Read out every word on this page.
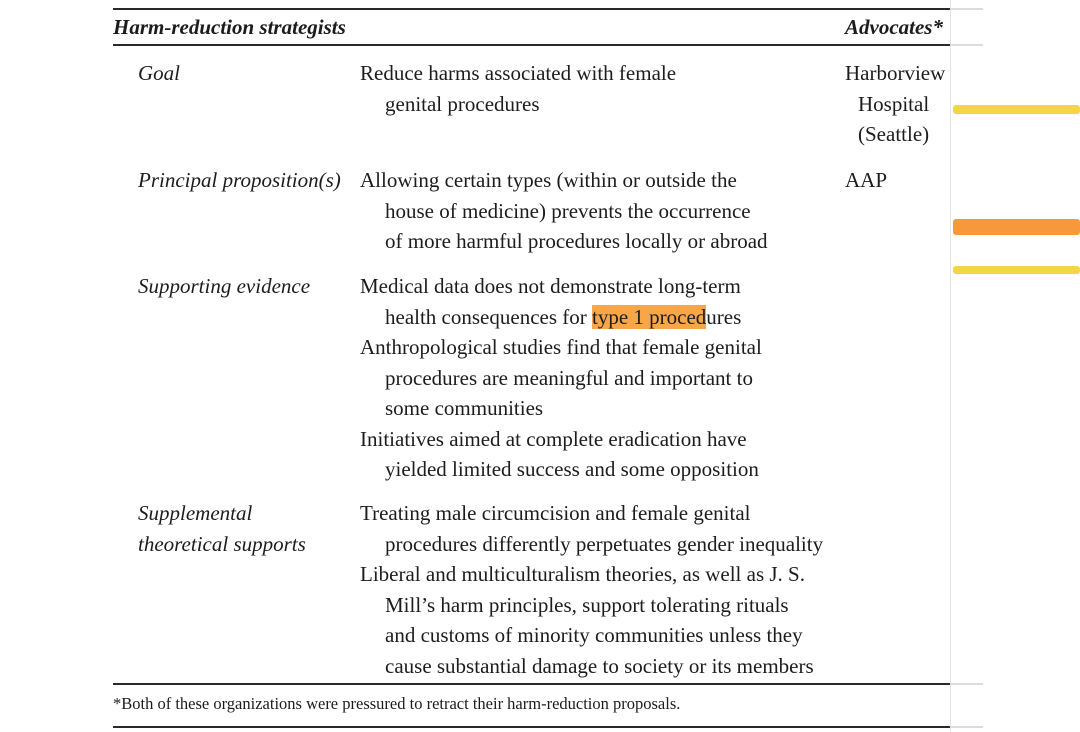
Harm-reduction strategists	Advocates*
Goal	Reduce harms associated with female
genital procedures

Harborview
Hospital
(Seattle)
Principal proposition(s) Allowing certain types (within or outside the
house of medicine) prevents the occurrence
of more harmful procedures locally or abroad

AAP
Supporting evidence Medical data does not demonstrate long-term
health consequences for type 1 procedures

Anthropological studies find that female genital
procedures are meaningful and important to
some communities

Initiatives aimed at complete eradication have
yielded limited success and some opposition

Supplemental
theoretical supports

Treating male circumcision and female genital
procedures differently perpetuates gender inequality

Liberal and multiculturalism theories, as well as J. S.
Mill’s harm principles, support tolerating rituals
and customs of minority communities unless they
cause substantial damage to society or its members

*Both of these organizations were pressured to retract their harm-reduction proposals.
